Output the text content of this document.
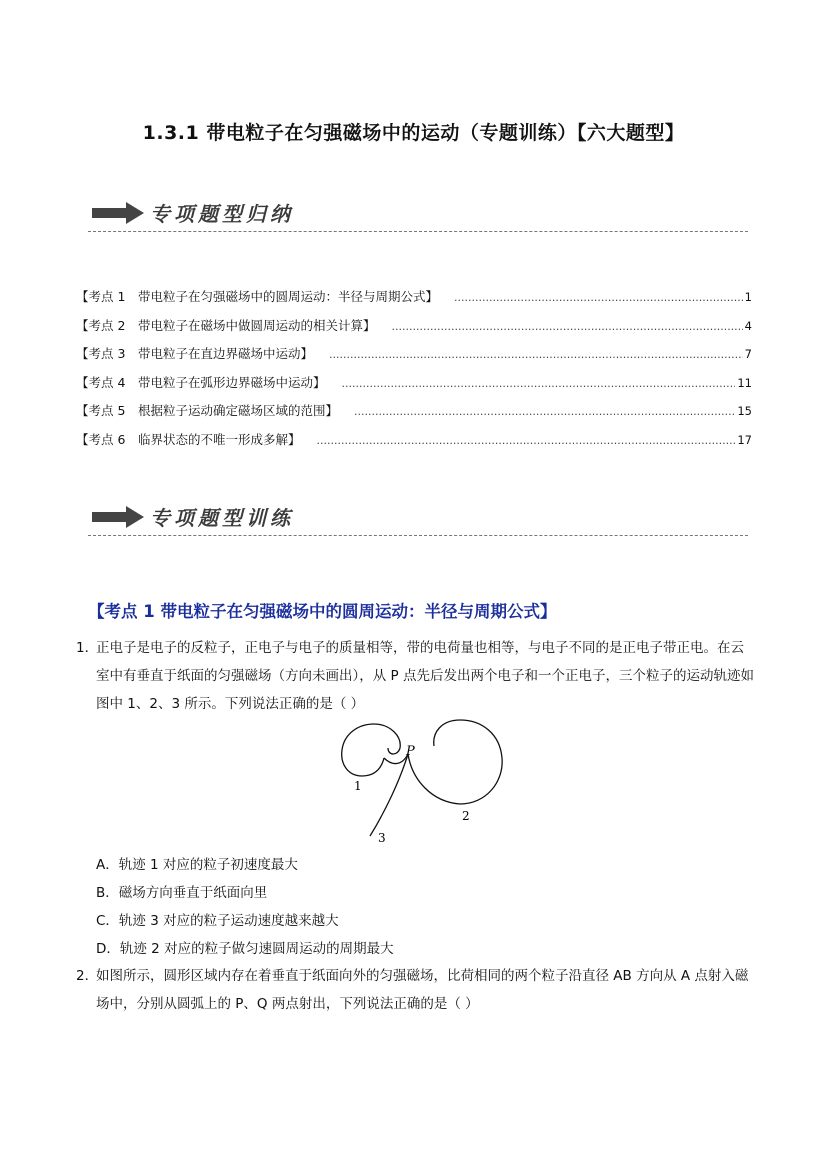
1.3.1 带电粒子在匀强磁场中的运动（专题训练）【六大题型】
专项题型归纳
【考点 1	带电粒子在匀强磁场中的圆周运动：半径与周期公式】 .....	1
【考点 2	带电粒子在磁场中做圆周运动的相关计算】 .....	4
【考点 3	带电粒子在直边界磁场中运动】 .....	7
【考点 4	带电粒子在弧形边界磁场中运动】 .....	11
【考点 5	根据粒子运动确定磁场区域的范围】 .....	15
【考点 6	临界状态的不唯一形成多解】 .....	17
专项题型训练
【考点 1 带电粒子在匀强磁场中的圆周运动：半径与周期公式】
1．
正电子是电子的反粒子，正电子与电子的质量相等，带的电荷量也相等，与电子不同的是正电子带正电。在云室中有垂直于纸面的匀强磁场（方向未画出），从 P 点先后发出两个电子和一个正电子，三个粒子的运动轨迹如图中 1、2、3 所示。下列说法正确的是（ ）
P
1
2
3
A．轨迹 1 对应的粒子初速度最大
B．磁场方向垂直于纸面向里
C．轨迹 3 对应的粒子运动速度越来越大
D．轨迹 2 对应的粒子做匀速圆周运动的周期最大
2．
如图所示，圆形区域内存在着垂直于纸面向外的匀强磁场，比荷相同的两个粒子沿直径 AB 方向从 A 点射入磁场中，分别从圆弧上的 P、Q 两点射出，下列说法正确的是（ ）
